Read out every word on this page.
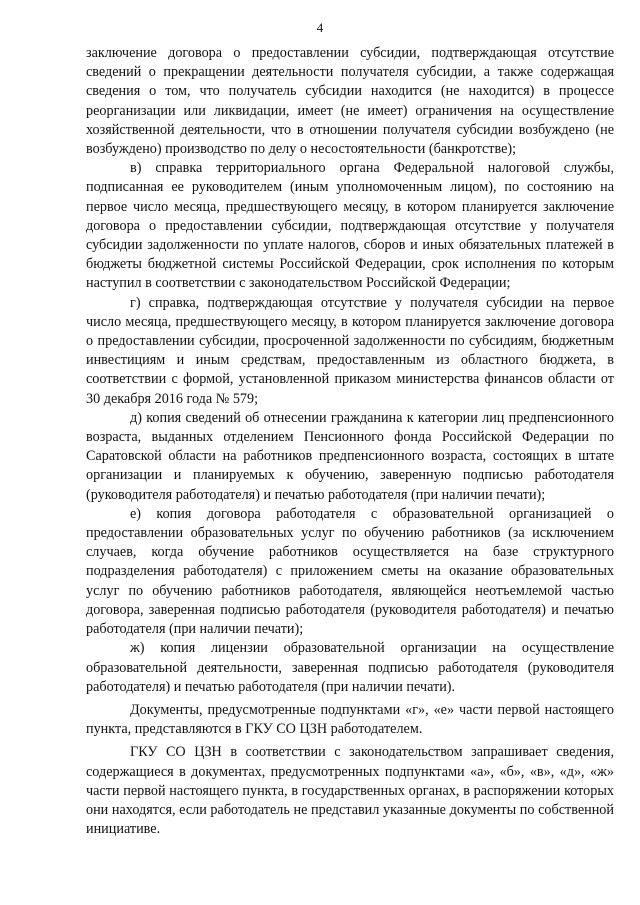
4

заключение договора о предоставлении субсидии, подтверждающая отсутствие сведений о прекращении деятельности получателя субсидии, а также содержащая сведения о том, что получатель субсидии находится (не находится) в процессе реорганизации или ликвидации, имеет (не имеет) ограничения на осуществление хозяйственной деятельности, что в отношении получателя субсидии возбуждено (не возбуждено) производство по делу о несостоятельности (банкротстве);

в) справка территориального органа Федеральной налоговой службы, подписанная ее руководителем (иным уполномоченным лицом), по состоянию на первое число месяца, предшествующего месяцу, в котором планируется заключение договора о предоставлении субсидии, подтверждающая отсутствие у получателя субсидии задолженности по уплате налогов, сборов и иных обязательных платежей в бюджеты бюджетной системы Российской Федерации, срок исполнения по которым наступил в соответствии с законодательством Российской Федерации;

г) справка, подтверждающая отсутствие у получателя субсидии на первое число месяца, предшествующего месяцу, в котором планируется заключение договора о предоставлении субсидии, просроченной задолженности по субсидиям, бюджетным инвестициям и иным средствам, предоставленным из областного бюджета, в соответствии с формой, установленной приказом министерства финансов области от 30 декабря 2016 года № 579;

д) копия сведений об отнесении гражданина к категории лиц предпенсионного возраста, выданных отделением Пенсионного фонда Российской Федерации по Саратовской области на работников предпенсионного возраста, состоящих в штате организации и планируемых к обучению, заверенную подписью работодателя (руководителя работодателя) и печатью работодателя (при наличии печати);

е) копия договора работодателя с образовательной организацией о предоставлении образовательных услуг по обучению работников (за исключением случаев, когда обучение работников осуществляется на базе структурного подразделения работодателя) с приложением сметы на оказание образовательных услуг по обучению работников работодателя, являющейся неотъемлемой частью договора, заверенная подписью работодателя (руководителя работодателя) и печатью работодателя (при наличии печати);

ж) копия лицензии образовательной организации на осуществление образовательной деятельности, заверенная подписью работодателя (руководителя работодателя) и печатью работодателя (при наличии печати).

Документы, предусмотренные подпунктами «г», «е» части первой настоящего пункта, представляются в ГКУ СО ЦЗН работодателем.

ГКУ СО ЦЗН в соответствии с законодательством запрашивает сведения, содержащиеся в документах, предусмотренных подпунктами «а», «б», «в», «д», «ж» части первой настоящего пункта, в государственных органах, в распоряжении которых они находятся, если работодатель не представил указанные документы по собственной инициативе.
